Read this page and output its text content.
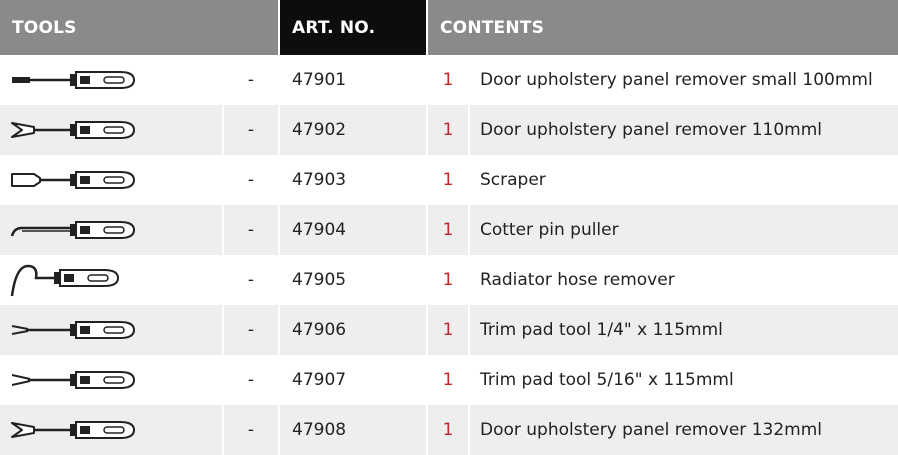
TOOLS	ART. NO.	CONTENTS
-	47901	1	Door upholstery panel remover small 100mml
-	47902	1	Door upholstery panel remover 110mml
-	47903	1	Scraper
-	47904	1	Cotter pin puller
-	47905	1	Radiator hose remover
-	47906	1	Trim pad tool 1/4" x 115mml
-	47907	1	Trim pad tool 5/16" x 115mml
-	47908	1	Door upholstery panel remover 132mml
